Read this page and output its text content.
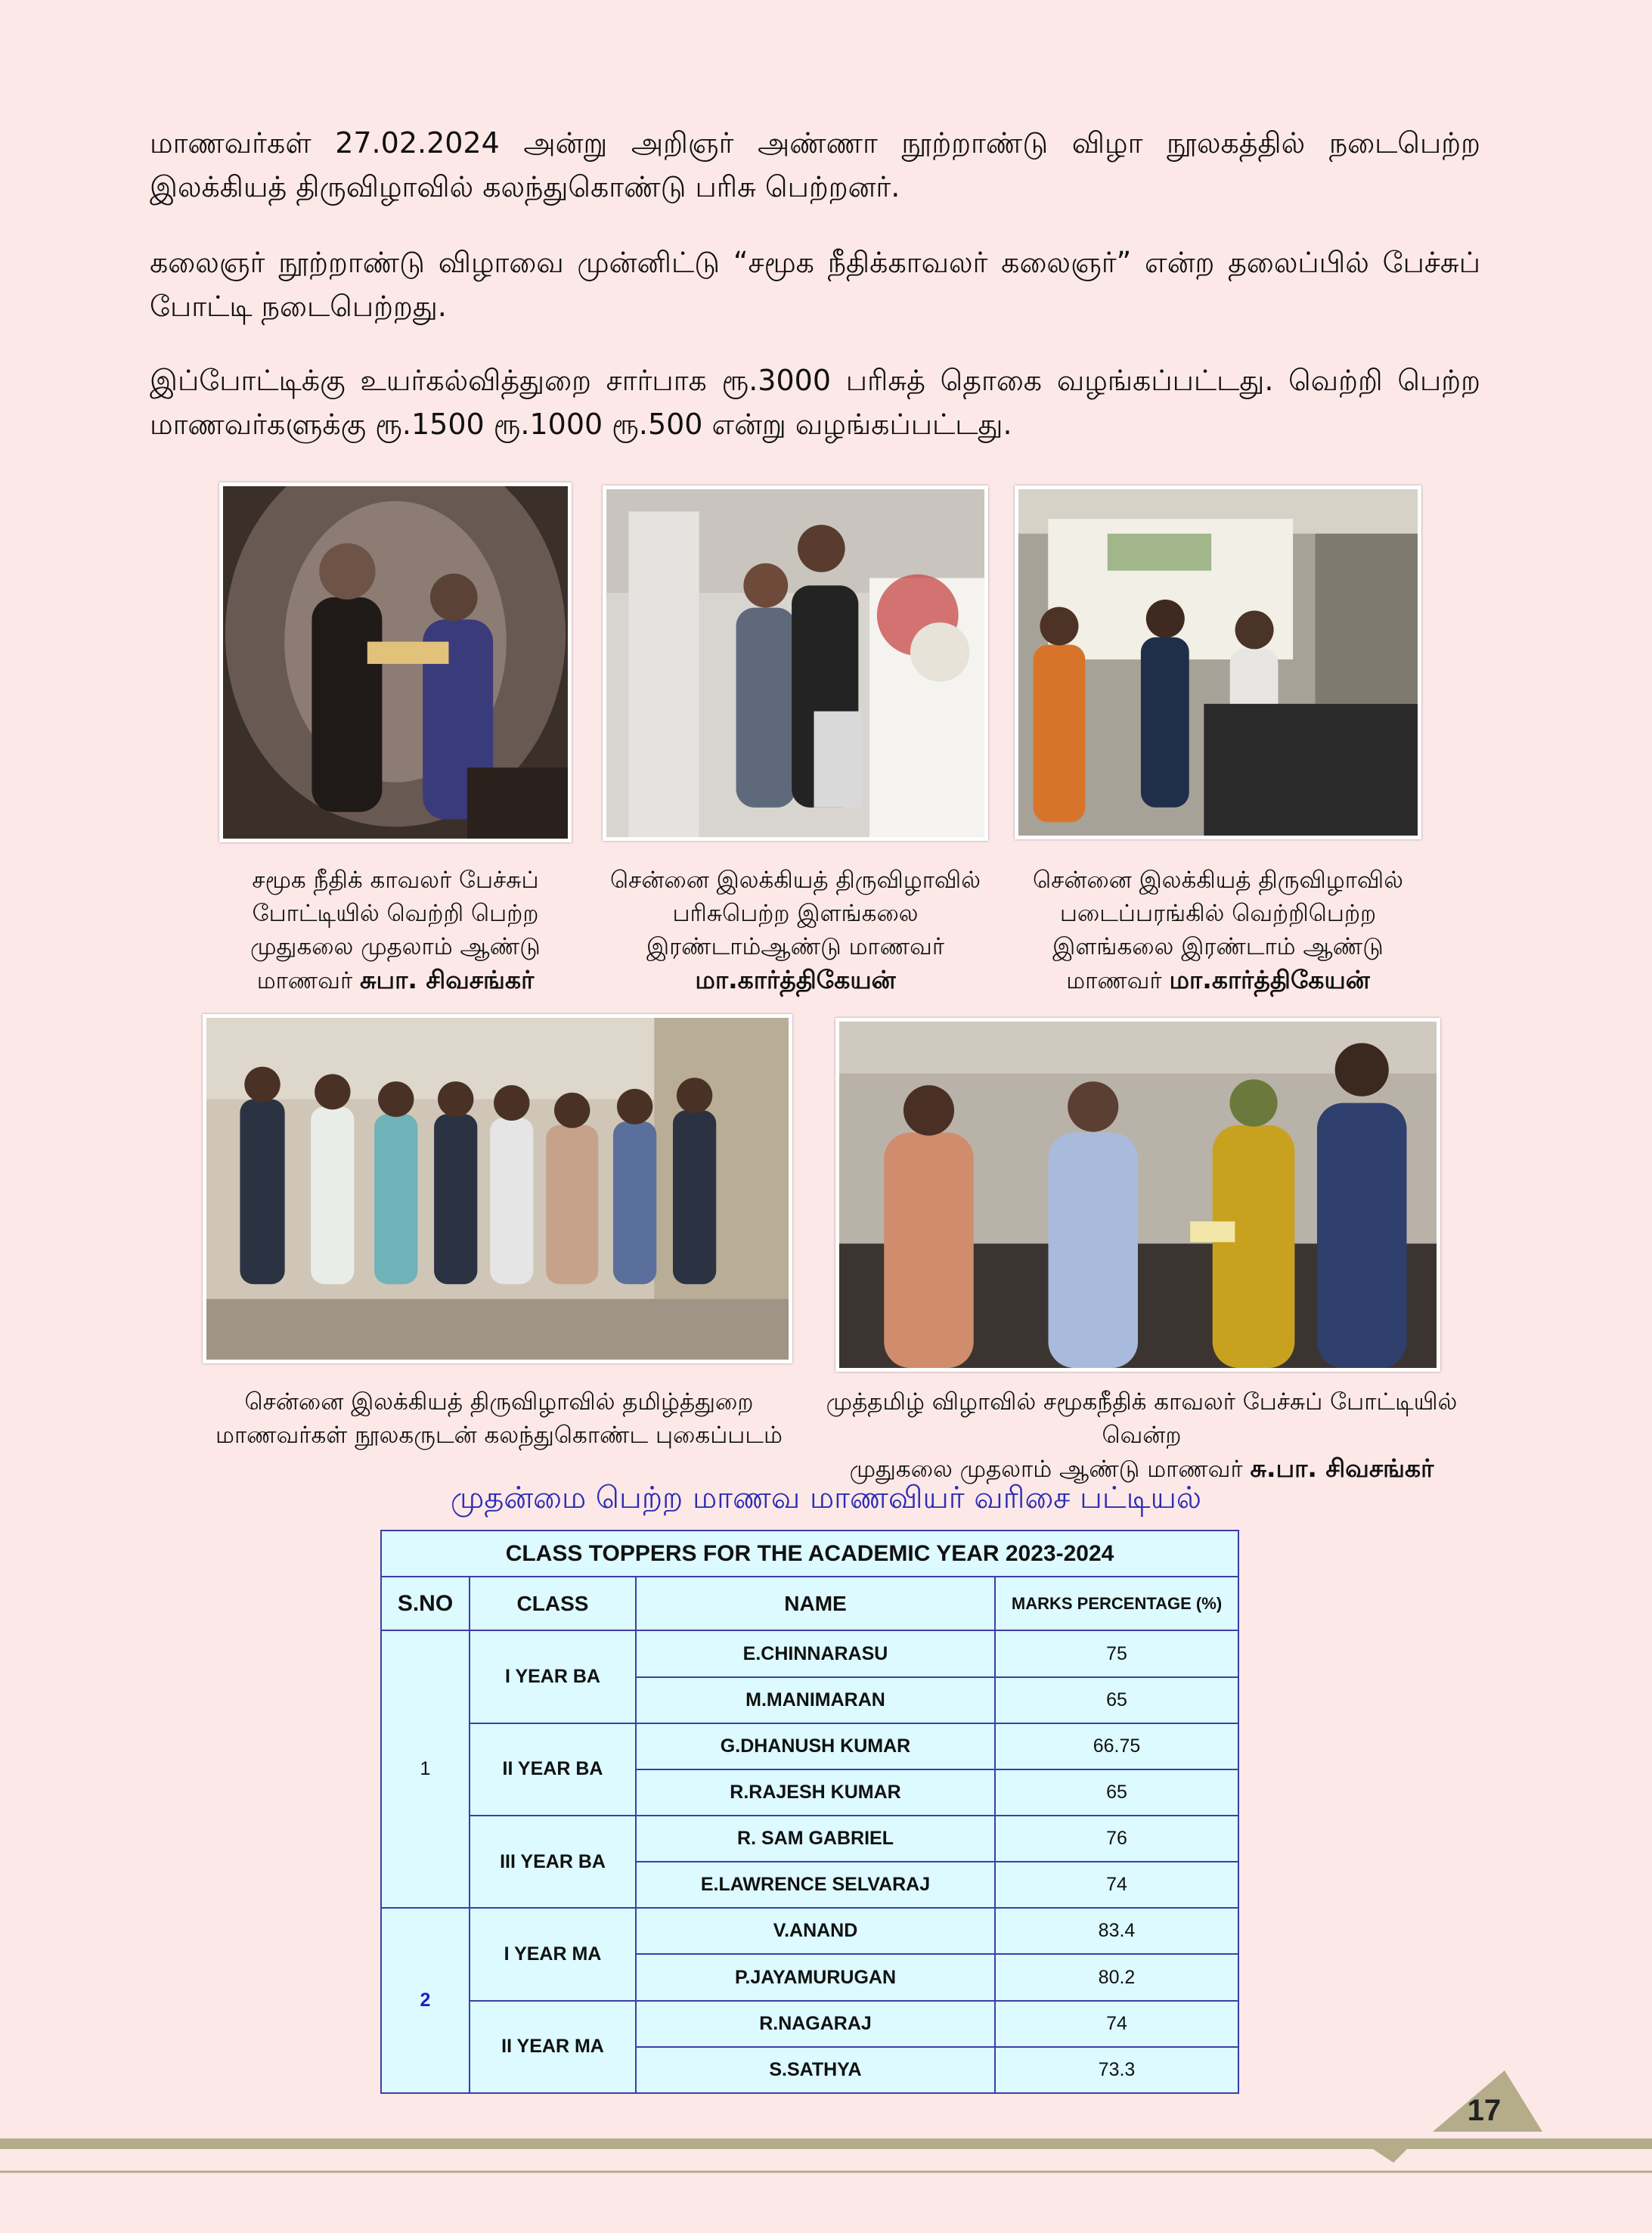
மாணவர்கள் 27.02.2024 அன்று அறிஞர் அண்ணா நூற்றாண்டு விழா நூலகத்தில் நடைபெற்ற இலக்கியத் திருவிழாவில் கலந்துகொண்டு பரிசு பெற்றனர்.
கலைஞர் நூற்றாண்டு விழாவை முன்னிட்டு “சமூக நீதிக்காவலர் கலைஞர்” என்ற தலைப்பில் பேச்சுப் போட்டி நடைபெற்றது.
இப்போட்டிக்கு உயர்கல்வித்துறை சார்பாக ரூ.3000 பரிசுத் தொகை வழங்கப்பட்டது. வெற்றி பெற்ற மாணவர்களுக்கு ரூ.1500 ரூ.1000 ரூ.500 என்று வழங்கப்பட்டது.
சமூக நீதிக் காவலர் பேச்சுப்
போட்டியில் வெற்றி பெற்ற
முதுகலை முதலாம் ஆண்டு
மாணவர் சுபா. சிவசங்கர்
சென்னை இலக்கியத் திருவிழாவில்
பரிசுபெற்ற இளங்கலை
இரண்டாம்ஆண்டு மாணவர்
மா.கார்த்திகேயன்
சென்னை இலக்கியத் திருவிழாவில்
படைப்பரங்கில் வெற்றிபெற்ற
இளங்கலை இரண்டாம் ஆண்டு
மாணவர் மா.கார்த்திகேயன்
சென்னை இலக்கியத் திருவிழாவில் தமிழ்த்துறை
மாணவர்கள் நூலகருடன் கலந்துகொண்ட புகைப்படம்
முத்தமிழ் விழாவில் சமூகநீதிக் காவலர் பேச்சுப் போட்டியில் வென்ற
முதுகலை முதலாம் ஆண்டு மாணவர் சு.பா. சிவசங்கர்
முதன்மை பெற்ற மாணவ மாணவியர் வரிசை பட்டியல்
CLASS TOPPERS FOR THE ACADEMIC YEAR 2023-2024			
S.NO	CLASS	NAME	MARKS PERCENTAGE (%)
1	I YEAR BA	E.CHINNARASU	75
		M.MANIMARAN	65
	II YEAR BA	G.DHANUSH KUMAR	66.75
		R.RAJESH KUMAR	65
	III YEAR BA	R. SAM GABRIEL	76
		E.LAWRENCE SELVARAJ	74
2	I YEAR MA	V.ANAND	83.4
		P.JAYAMURUGAN	80.2
	II YEAR MA	R.NAGARAJ	74
		S.SATHYA	73.3
17
